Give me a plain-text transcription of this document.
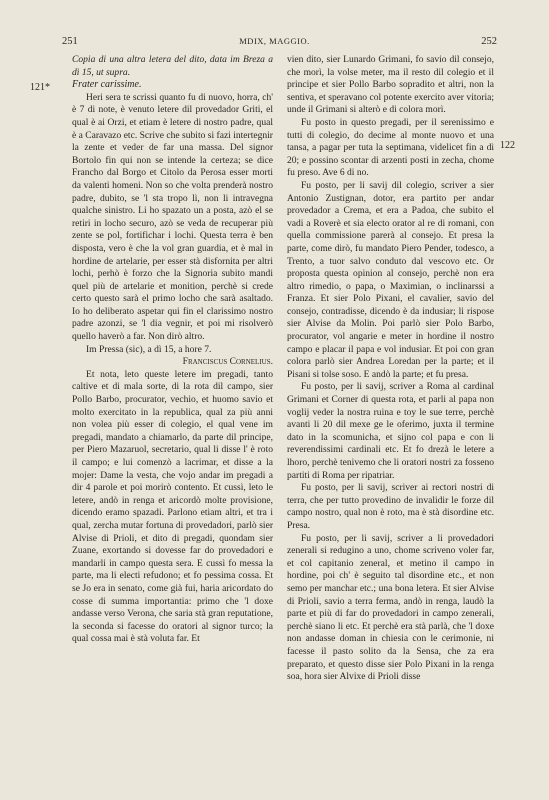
251	MDIX, MAGGIO.	252
121*
122

Copia di una altra letera del dito, data im Breza a dì 15, ut supra.

Frater carissime.

Heri sera te scrissi quanto fu di nuovo, horra, ch' è 7 di note, è venuto letere dil provedador Griti, el qual è ai Orzi, et etiam è letere di nostro padre, qual è a Caravazo etc. Scrive che subito si fazi intertegnir la zente et veder de far una massa. Del signor Bortolo fin qui non se intende la certeza; se dice Francho dal Borgo et Citolo da Perosa esser morti da valenti homeni. Non so che volta prenderà nostro padre, dubito, se 'l sta tropo lì, non li intravegna qualche sinistro. Li ho spazato un a posta, azò el se retiri in locho securo, azò se veda de recuperar più zente se pol, fortifichar i lochi. Questa terra è ben disposta, vero è che la vol gran guardia, et è mal in hordine de artelarie, per esser stà disfornita per altri lochi, perhò è forzo che la Signoria subito mandi quel più de artelarie et monition, perchè si crede certo questo sarà el primo locho che sarà asaltado. Io ho deliberato aspetar qui fin el clarissimo nostro padre azonzi, se 'l dia vegnir, et poi mi risolverò quello haverò a far. Non dirò altro.

Im Pressa (sic), a dì 15, a hore 7.

Franciscus Cornelius.

Et nota, leto queste letere im pregadi, tanto caltive et di mala sorte, di la rota dil campo, sier Pollo Barbo, procurator, vechio, et huomo savio et molto exercitato in la republica, qual za più anni non volea più esser di colegio, el qual vene im pregadi, mandato a chiamarlo, da parte dil principe, per Piero Mazaruol, secretario, qual li disse l' è roto il campo; e lui comenzò a lacrimar, et disse a la mojer: Dame la vesta, che vojo andar im pregadi a dir 4 parole et poi morirò contento. Et cussì, leto le letere, andò in renga et aricordò molte provisione, dicendo eramo spazadi. Parlono etiam altri, et tra i qual, zercha mutar fortuna di provedadori, parlò sier Alvise di Prioli, et dito di pregadi, quondam sier Zuane, exortando si dovesse far do provedadori e mandarli in campo questa sera. E cussì fo messa la parte, ma li electi refudono; et fo pessima cossa. Et se Jo era in senato, come già fui, haria aricordato do cosse di summa importantia: primo che 'l doxe andasse verso Verona, che saria stà gran reputatione, la seconda si facesse do oratori al signor turco; la qual cossa mai è stà voluta far. Et

vien dito, sier Lunardo Grimani, fo savio dil consejo, che morì, la volse meter, ma il resto dil colegio et il principe et sier Pollo Barbo sopradito et altri, non la sentiva, et speravano col potente exercito aver vitoria; unde il Grimani si alterò e di colora morì.

Fu posto in questo pregadi, per il serenissimo e tutti di colegio, do decime al monte nuovo et una tansa, a pagar per tuta la septimana, videlicet fin a dì 20; e possino scontar di arzenti posti in zecha, chome fu preso. Ave 6 di no.

Fu posto, per li savij dil colegio, scriver a sier Antonio Zustignan, dotor, era partito per andar provedador a Crema, et era a Padoa, che subito el vadi a Roverè et sia electo orator al re di romani, con quella commissione parerà al consejo. Et presa la parte, come dirò, fu mandato Piero Pender, todesco, a Trento, a tuor salvo conduto dal vescovo etc. Or proposta questa opinion al consejo, perchè non era altro rimedio, o papa, o Maximian, o inclinarssi a Franza. Et sier Polo Pixani, el cavalier, savio del consejo, contradisse, dicendo è da indusiar; li rispose sier Alvise da Molin. Poi parlò sier Polo Barbo, procurator, vol angarie e meter in hordine il nostro campo e placar il papa e vol indusiar. Et poi con gran colora parlò sier Andrea Loredan per la parte; et il Pisani si tolse soso. E andò la parte; et fu presa.

Fu posto, per li savij, scriver a Roma al cardinal Grimani et Corner di questa rota, et parli al papa non voglij veder la nostra ruina e toy le sue terre, perchè avanti li 20 dil mexe ge le oferimo, juxta il termine dato in la scomunicha, et sijno col papa e con li reverendissimi cardinali etc. Et fo drezà le letere a lhoro, perchè tenivemo che li oratori nostri za fosseno partiti di Roma per ripatriar.

Fu posto, per li savij, scriver ai rectori nostri di terra, che per tutto provedino de invalidir le forze dil campo nostro, qual non è roto, ma è stà disordine etc. Presa.

Fu posto, per li savij, scriver a li provedadori zenerali si redugino a uno, chome scriveno voler far, et col capitanio zeneral, et metino il campo in hordine, poi ch' è seguito tal disordine etc., et non semo per manchar etc.; una bona letera. Et sier Alvise di Prioli, savio a terra ferma, andò in renga, laudò la parte et più di far do provedadori in campo zenerali, perchè siano li etc. Et perchè era stà parlà, che 'l doxe non andasse doman in chiesia con le cerimonie, ni facesse il pasto solito da la Sensa, che za era preparato, et questo disse sier Polo Pixani in la renga soa, hora sier Alvixe di Prioli disse
